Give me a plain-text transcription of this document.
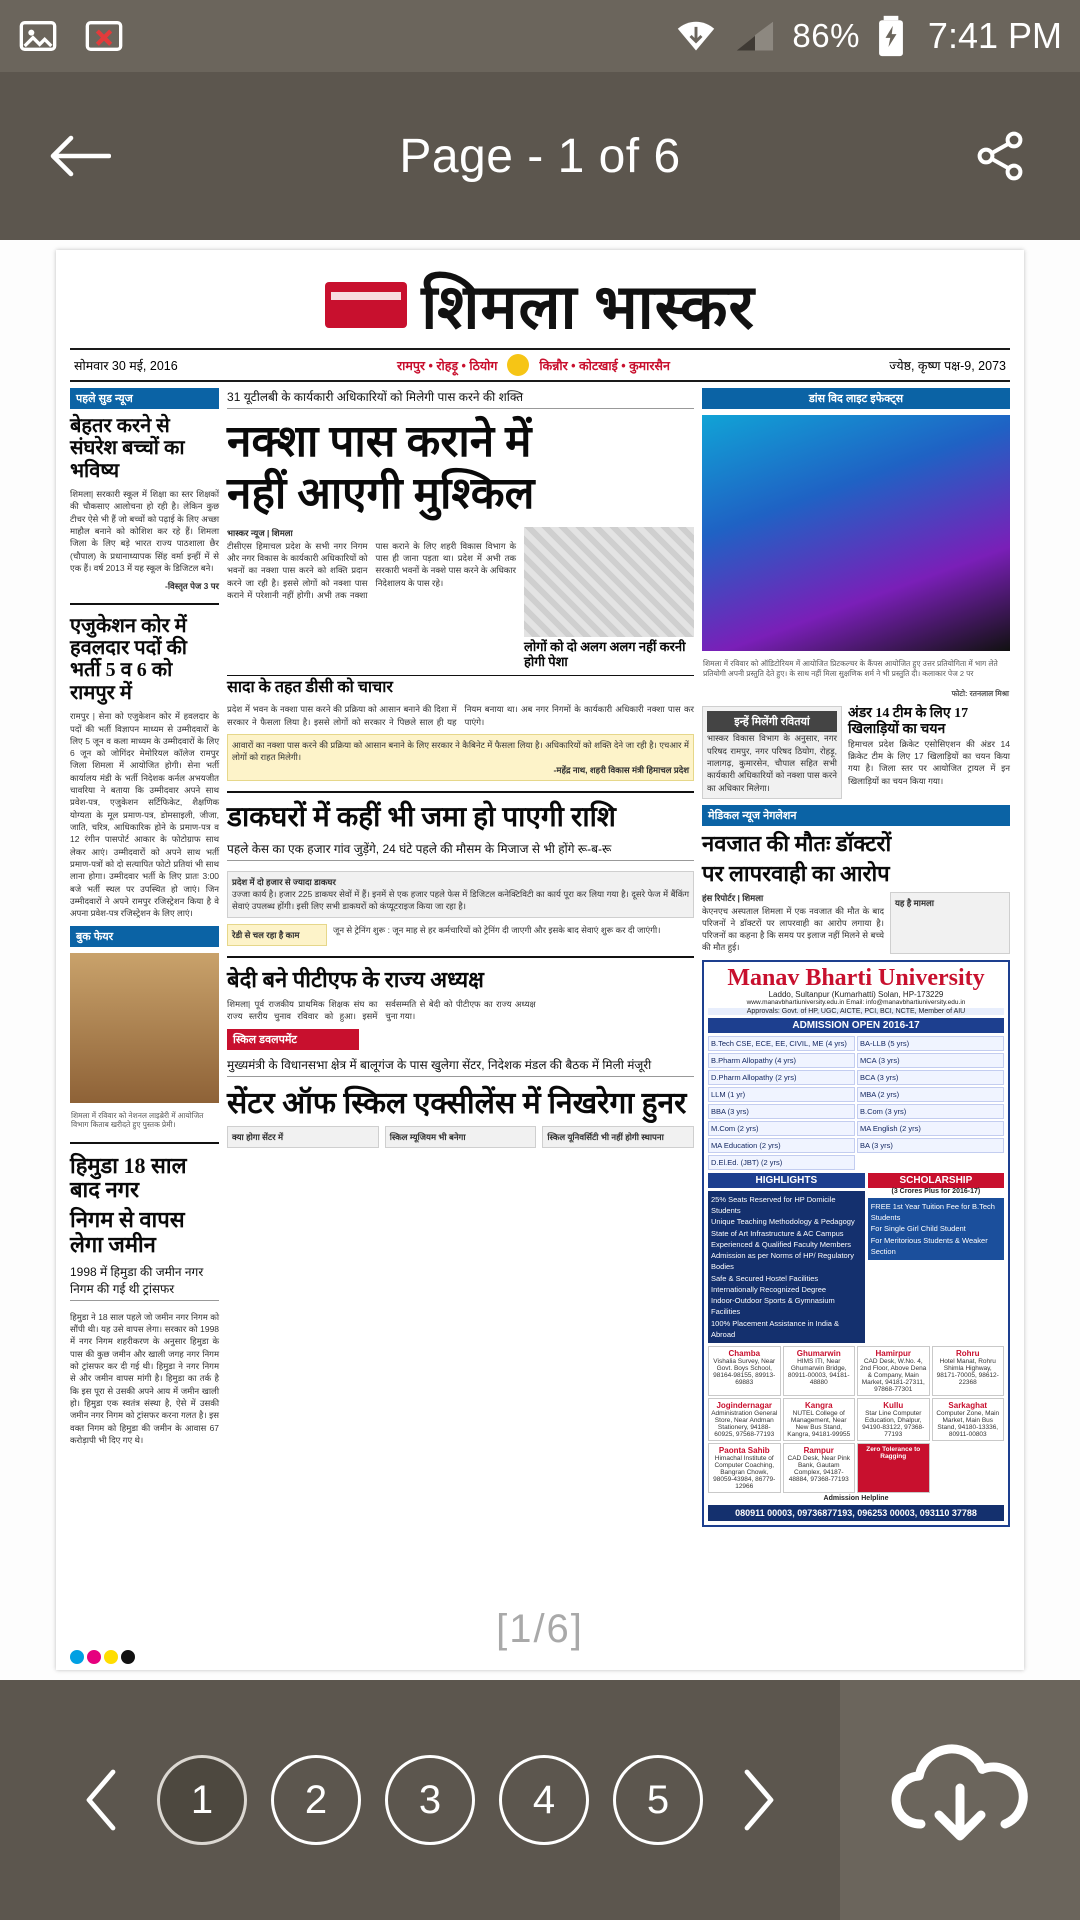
86% 7:41 PM
Page - 1 of 6
शिमला भास्कर
सोमवार 30 मई, 2016	रामपुर • रोहड़ू • ठियोग	किन्नौर • कोटखाई • कुमारसैन	ज्येष्ठ, कृष्ण पक्ष-9, 2073
पहले सुड न्यूज
बेहतर करने से संघरेश बच्चों का भविष्य
शिमला| सरकारी स्कूल में शिक्षा का स्तर शिक्षकों की चौकसाए आलोचना हो रही है। लेकिन कुछ टीचर ऐसे भी हैं जो बच्चों को पढ़ाई के लिए अच्छा माहौल बनाने को कोशिश कर रहे हैं। शिमला जिला के लिए बड़े भारत राज्य पाठशाला छैर (चौपाल) के प्रधानाध्यापक सिंह वर्मा इन्हीं में से एक हैं। वर्ष 2013 में यह स्कूल के डिजिटल बने।
-विस्तृत पेज 3 पर
एजुकेशन कोर में हवलदार पदों की भर्ती 5 व 6 को रामपुर में
रामपुर | सेना को एजुकेशन कोर में हवलदार के पदों की भर्ती विज्ञापन माध्यम से उम्मीदवारों के लिए 5 जून व कला माध्यम के उम्मीदवारों के लिए 6 जून को जोगिंदर मेमोरियल कॉलेज रामपुर जिला शिमला में आयोजित होगी। सेना भर्ती कार्यालय मंडी के भर्ती निदेशक कर्नल अभयजीत चावरिया ने बताया कि उम्मीदवार अपने साथ प्रवेश-पत्र, एजुकेशन सर्टिफिकेट, शैक्षणिक योग्यता के मूल प्रमाण-पत्र, डोमसाइली, जीजा, जाति, चरित्र, आधिकारिक होने के प्रमाण-पत्र व 12 रंगीन पासपोर्ट आकार के फोटोग्राफ साथ लेकर आएं। उम्मीदवारों को अपने साथ भर्ती प्रमाण-पत्रों को दो सत्यापित फोटो प्रतियां भी साथ लाना होगा। उम्मीदवार भर्ती के लिए प्रातः 3:00 बजे भर्ती स्थल पर उपस्थित हो जाएं। जिन उम्मीदवारों ने अपने रामपुर रजिस्ट्रेशन किया है वे अपना प्रवेश-पत्र रजिस्ट्रेशन के लिए लाएं।
बुक फेयर
शिमला में रविवार को नेशनल लाइब्रेरी में आयोजित विभाग किताब खरीदते हुए पुस्तक प्रेमी।
हिमुडा 18 साल बाद नगर
निगम से वापस लेगा जमीन
1998 में हिमुडा की जमीन नगर निगम की गई थी ट्रांसफर
हिमुडा ने 18 साल पहले जो जमीन नगर निगम को सौंपी थी। यह उसे वापस लेगा। सरकार को 1998 में नगर निगम शहरीकरण के अनुसार हिमुडा के पास की कुछ जमीन और खाली जगह नगर निगम को ट्रांसफर कर दी गई थी। हिमुडा ने नगर निगम से और जमीन वापस मांगी है। हिमुडा का तर्क है कि इस पूरा से उसकी अपने आय में जमीन खाली हो। हिमुडा एक स्वतंत्र संस्था है, ऐसे में उसकी जमीन नगर निगम को ट्रांसफर करना गलत है। इस वक्त निगम को हिमुडा की जमीन के आवास 67 करोड़ापी भी दिए गए थे।
31 यूटीलबी के कार्यकारी अधिकारियों को मिलेगी पास करने की शक्ति
नक्शा पास कराने में
नहीं आएगी मुश्किल
भास्कर न्यूज | शिमला
टीसीएस हिमाचल प्रदेश के सभी नगर निगम और नगर विकास के कार्यकारी अधिकारियों को भवनों का नक्शा पास करने को शक्ति प्रदान करने जा रही है। इससे लोगों को नक्शा पास कराने में परेशानी नहीं होगी। अभी तक नक्शा पास कराने के लिए शहरी विकास विभाग के पास ही जाना पड़ता था। प्रदेश में अभी तक सरकारी भवनों के नक्शे पास करने के अधिकार निदेशालय के पास रहे।
लोगों को दो अलग अलग नहीं करनी होगी पेशा
सादा के तहत डीसी को चाचार
प्रदेश में भवन के नक्शा पास करने की प्रक्रिया को आसान बनाने की दिशा में सरकार ने फैसला लिया है। इससे लोगों को सरकार ने पिछले साल ही यह नियम बनाया था। अब नगर निगमों के कार्यकारी अधिकारी नक्शा पास कर पाएंगे।
आवारों का नक्शा पास करने की प्रक्रिया को आसान बनाने के लिए सरकार ने कैबिनेट में फैसला लिया है। अधिकारियों को शक्ति देने जा रही है। एचआर में लोगों को राहत मिलेगी।
-महेंद्र नाथ, शहरी विकास मंत्री हिमाचल प्रदेश
डाकघरों में कहीं भी जमा हो पाएगी राशि
पहले केस का एक हजार गांव जुड़ेंगे, 24 घंटे पहले की मौसम के मिजाज से भी होंगे रू-ब-रू
प्रदेश में दो हजार से ज्यादा डाकघर
उज्जा कार्य है। हजार 225 डाकघर सेवों में हैं। इनमें से एक हजार पहले फेस में डिजिटल कनेक्टिविटी का कार्य पूरा कर लिया गया है। दूसरे फेज में बैंकिंग सेवाएं उपलब्ध होंगी। इसी लिए सभी डाकघरों को कंप्यूटराइज किया जा रहा है।
रेडी से चल रहा है काम	जून से ट्रेनिंग शुरू : जून माह से हर कर्मचारियों को ट्रेनिंग दी जाएगी और इसके बाद सेवाएं शुरू कर दी जाएंगी।
बेदी बने पीटीएफ के राज्य अध्यक्ष
शिमला| पूर्व राजकीय प्राथमिक शिक्षक संघ का राज्य स्तरीय चुनाव रविवार को हुआ। इसमें सर्वसम्मति से बेदी को पीटीएफ का राज्य अध्यक्ष चुना गया।
स्किल डवलपमेंट
मुख्यमंत्री के विधानसभा क्षेत्र में बालूगंज के पास खुलेगा सेंटर, निदेशक मंडल की बैठक में मिली मंजूरी
सेंटर ऑफ स्किल एक्सीलेंस में निखरेगा हुनर
क्या होगा सेंटर में	स्किल म्यूजियम भी बनेगा	स्किल यूनिवर्सिटी भी नहीं होगी स्थापना
डांस विद लाइट इफेक्ट्स
शिमला में रविवार को ऑडिटोरियम में आयोजित प्रिटकल्चर के कैंपस आयोजित हुए उत्तर प्रतियोगिता में भाग लेते प्रतियोगी अपनी प्रस्तुति देते हुए। के साथ नहीं मिला सुक्षणिक शर्म ने भी प्रस्तुति दी। कलाकार पेज 2 पर
फोटो: रतनलाल मिश्रा
इन्हें मिलेंगी रवितयां
भास्कर विकास विभाग के अनुसार, नगर परिषद रामपुर, नगर परिषद ठियोग, रोहड़ू, नालागढ़, कुमारसेन, चौपाल सहित सभी कार्यकारी अधिकारियों को नक्शा पास करने का अधिकार मिलेगा।
अंडर 14 टीम के लिए 17 खिलाड़ियों का चयन
हिमाचल प्रदेश क्रिकेट एसोसिएशन की अंडर 14 क्रिकेट टीम के लिए 17 खिलाड़ियों का चयन किया गया है। जिला स्तर पर आयोजित ट्रायल में इन खिलाड़ियों का चयन किया गया।
मेडिकल न्यूज नेगलेशन
नवजात की मौतः डॉक्टरों
पर लापरवाही का आरोप
हंस रिपोर्टर | शिमला
केएनएच अस्पताल शिमला में एक नवजात की मौत के बाद परिजनों ने डॉक्टरों पर लापरवाही का आरोप लगाया है। परिजनों का कहना है कि समय पर इलाज नहीं मिलने से बच्चे की मौत हुई।
यह है मामला
Manav Bharti University
Laddo, Sultanpur (Kumarhatti) Solan, HP-173229
www.manavbhartiuniversity.edu.in Email: info@manavbhartiuniversity.edu.in
Approvals: Govt. of HP, UGC, AICTE, PCI, BCI, NCTE, Member of AIU
ADMISSION OPEN 2016-17
B.Tech CSE, ECE, EE, CIVIL, ME (4 yrs)	BA-LLB (5 yrs)
B.Pharm Allopathy (4 yrs)	MCA (3 yrs)
D.Pharm Allopathy (2 yrs)	BCA (3 yrs)
LLM (1 yr)	MBA (2 yrs)
BBA (3 yrs)	B.Com (3 yrs)
M.Com (2 yrs)	MA English (2 yrs)
MA Education (2 yrs)	BA (3 yrs)
D.El.Ed. (JBT) (2 yrs)
HIGHLIGHTS
25% Seats Reserved for HP Domicile Students
Unique Teaching Methodology & Pedagogy
State of Art Infrastructure & AC Campus
Experienced & Qualified Faculty Members
Admission as per Norms of HP/ Regulatory Bodies
Safe & Secured Hostel Facilities
Internationally Recognized Degree
Indoor-Outdoor Sports & Gymnasium Facilities
100% Placement Assistance in India & Abroad
SCHOLARSHIP
(3 Crores Plus for 2016-17)
FREE 1st Year Tuition Fee for B.Tech Students
For Single Girl Child Student
For Meritorious Students & Weaker Section
Chamba
Vishalia Survey, Near Govt. Boys School, 98164-98155, 89913-69883
Ghumarwin
HIMS ITI, Near Ghumarwin Bridge, 80911-00003, 94181-48880
Hamirpur
CAD Desk, W.No. 4, 2nd Floor, Above Dena & Company, Main Market, 94181-27311, 97868-77301
Rohru
Hotel Manat, Rohru Shimla Highway, 98171-70005, 98612-22368
Jogindernagar
Administration General Store, Near Andman Stationery, 94188-60925, 97568-77193
Kangra
NUTEL College of Management, Near New Bus Stand, Kangra, 94181-99955
Kullu
Star Line Computer Education, Dhalpur, 94190-83122, 97368-77193
Sarkaghat
Computer Zone, Main Market, Main Bus Stand, 94180-13336, 80911-00803
Paonta Sahib
Himachal Institute of Computer Coaching, Bangran Chowk, 98059-43984, 86779-12966
Rampur
CAD Desk, Near Pink Bank, Gautam Complex, 94187-48884, 97368-77193
Zero Tolerance to Ragging
Admission Helpline
080911 00003, 09736877193, 096253 00003, 093110 37788
[1/6]
1	2	3	4	5
